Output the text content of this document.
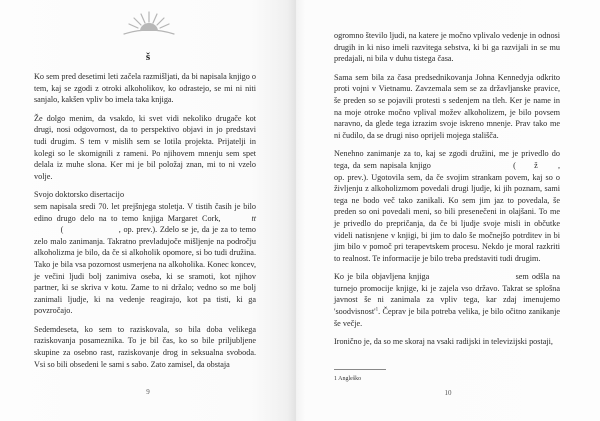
š

Ko sem pred desetimi leti začela razmišljati, da bi napisala knjigo o tem, kaj se zgodi z otroki alkoholikov, ko odrastejo, se mi ni niti sanjalo, kakšen vpliv bo imela taka knjiga.

Že dolgo menim, da vsakdo, ki svet vidi nekoliko drugače kot drugi, nosi odgovornost, da to perspektivo objavi in jo predstavi tudi drugim. S tem v mislih sem se lotila projekta. Prijatelji in kolegi so le skomignili z rameni. Po njihovem mnenju sem spet delala iz muhe slona. Ker mi je bil položaj znan, mi to ni vzelo volje.

Svojo doktorsko disertacijo
sem napisala sredi 70. let prejšnjega stoletja. V tistih časih je bilo edino drugo delo na to temo knjiga Margaret Cork,	tt  (	, op. prev.). Zdelo se je, da je za to temo zelo malo zanimanja. Takratno prevladujoče mišljenje na področju alkoholizma je bilo, da če si alkoholik opomore, si bo tudi družina. Tako je bila vsa pozornost usmerjena na alkoholika. Konec koncev, je večini ljudi bolj zanimiva oseba, ki se sramoti, kot njihov partner, ki se skriva v kotu. Zame to ni držalo; vedno so me bolj zanimali ljudje, ki na vedenje reagirajo, kot pa tisti, ki ga povzročajo.

Sedemdeseta, ko sem to raziskovala, so bila doba velikega raziskovanja posameznika. To je bil čas, ko so bile priljubljene skupine za osebno rast, raziskovanje drog in seksualna svoboda. Vsi so bili obsedeni le sami s sabo. Zato zamisel, da obstaja

9

ogromno število ljudi, na katere je močno vplivalo vedenje in odnosi drugih in ki niso imeli razvitega sebstva, ki bi ga razvijali in se mu predajali, ni bila v duhu tistega časa.

Sama sem bila za časa predsednikovanja Johna Kennedyja odkrito proti vojni v Vietnamu. Zavzemala sem se za državljanske pravice, še preden so se pojavili protesti s sedenjem na tleh. Ker je name in na moje otroke močno vplival možev alkoholizem, je bilo povsem naravno, da glede tega izrazim svoje iskreno mnenje. Prav tako me ni čudilo, da se drugi niso oprijeli mojega stališča.

Nenehno zanimanje za to, kaj se zgodi družini, me je privedlo do tega, da sem napisala knjigo	( ž , op. prev.). Ugotovila sem, da če svojim strankam povem, kaj so o življenju z alkoholizmom povedali drugi ljudje, ki jih poznam, sami tega ne bodo več tako zanikali. Ko sem jim jaz to povedala, še preden so oni povedali meni, so bili presenečeni in olajšani. To me je privedlo do prepričanja, da če bi ljudje svoje misli in občutke videli natisnjene v knjigi, bi jim to dalo še močnejšo potrditev in bi jim bilo v pomoč pri terapevtskem procesu. Nekdo je moral razkriti to realnost. Te informacije je bilo treba predstaviti tudi drugim.

Ko je bila objavljena knjiga	sem odšla na turnejo promocije knjige, ki je zajela vso državo. Takrat se splošna javnost še ni zanimala za vpliv tega, kar zdaj imenujemo '$soodvisnost'^1$. Čeprav je bila potreba velika, je bilo očitno zanikanje še večje.

Ironično je, da so me skoraj na vsaki radijski in televizijski postaji,

1 Angleško
10
